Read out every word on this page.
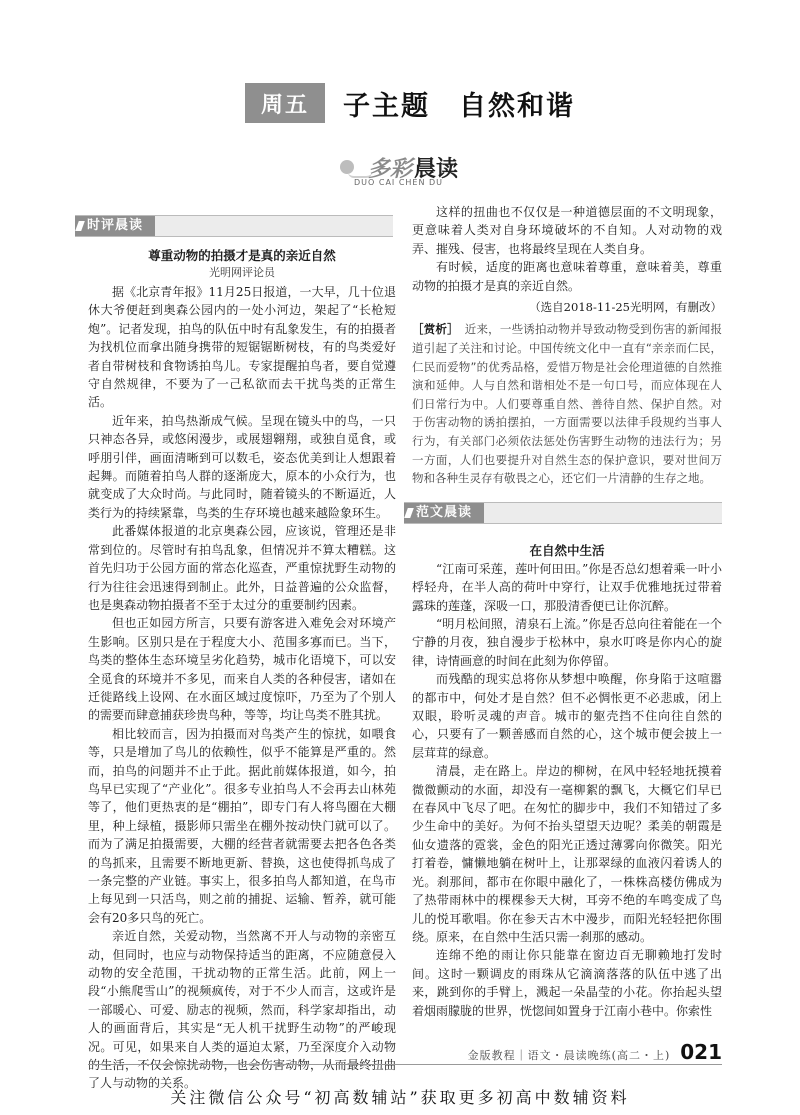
周五	子主题　自然和谐
多彩 晨读
DUO CAI CHEN DU
时评晨读
尊重动物的拍摄才是真的亲近自然
光明网评论员

据《北京青年报》11月25日报道，一大早，几十位退休大爷便赶到奥森公园内的一处小河边，架起了“长枪短炮”。记者发现，拍鸟的队伍中时有乱象发生，有的拍摄者为找机位而拿出随身携带的短锯锯断树枝，有的鸟类爱好者自带树枝和食物诱拍鸟儿。专家提醒拍鸟者，要自觉遵守自然规律，不要为了一己私欲而去干扰鸟类的正常生活。

近年来，拍鸟热渐成气候。呈现在镜头中的鸟，一只只神态各异，或悠闲漫步，或展翅翱翔，或独自觅食，或呼朋引伴，画面清晰到可以数毛，姿态优美到让人想跟着起舞。而随着拍鸟人群的逐渐庞大，原本的小众行为，也就变成了大众时尚。与此同时，随着镜头的不断逼近，人类行为的持续紧靠，鸟类的生存环境也越来越险象环生。

此番媒体报道的北京奥森公园，应该说，管理还是非常到位的。尽管时有拍鸟乱象，但情况并不算太糟糕。这首先归功于公园方面的常态化巡查，严重惊扰野生动物的行为往往会迅速得到制止。此外，日益普遍的公众监督，也是奥森动物拍摄者不至于太过分的重要制约因素。

但也正如园方所言，只要有游客进入难免会对环境产生影响。区别只是在于程度大小、范围多寡而已。当下，鸟类的整体生态环境呈劣化趋势，城市化语境下，可以安全觅食的环境并不多见，而来自人类的各种侵害，诸如在迁徙路线上设网、在水面区域过度惊吓，乃至为了个别人的需要而肆意捕获珍贵鸟种，等等，均让鸟类不胜其扰。

相比较而言，因为拍摄而对鸟类产生的惊扰，如喂食等，只是增加了鸟儿的依赖性，似乎不能算是严重的。然而，拍鸟的问题并不止于此。据此前媒体报道，如今，拍鸟早已实现了“产业化”。很多专业拍鸟人不会再去山林苑等了，他们更热衷的是“棚拍”，即专门有人将鸟圈在大棚里，种上绿植，摄影师只需坐在棚外按动快门就可以了。而为了满足拍摄需要，大棚的经营者就需要去把各色各类的鸟抓来，且需要不断地更新、替换，这也使得抓鸟成了一条完整的产业链。事实上，很多拍鸟人都知道，在鸟市上每见到一只活鸟，则之前的捕捉、运输、暂养，就可能会有20多只鸟的死亡。

亲近自然，关爱动物，当然离不开人与动物的亲密互动，但同时，也应与动物保持适当的距离，不应随意侵入动物的安全范围，干扰动物的正常生活。此前，网上一段“小熊爬雪山”的视频疯传，对于不少人而言，这或许是一部暖心、可爱、励志的视频，然而，科学家却指出，动人的画面背后，其实是“无人机干扰野生动物”的严峻现况。可见，如果来自人类的逼迫太紧，乃至深度介入动物的生活，不仅会惊扰动物，也会伤害动物，从而最终扭曲了人与动物的关系。

这样的扭曲也不仅仅是一种道德层面的不文明现象，更意味着人类对自身环境破坏的不自知。人对动物的戏弄、摧残、侵害，也将最终呈现在人类自身。

有时候，适度的距离也意味着尊重，意味着美，尊重动物的拍摄才是真的亲近自然。

（选自2018-11-25光明网，有删改）

［赏析］　 近来，一些诱拍动物并导致动物受到伤害的新闻报道引起了关注和讨论。中国传统文化中一直有“亲亲而仁民，仁民而爱物”的优秀品格，爱惜万物是社会伦理道德的自然推演和延伸。人与自然和谐相处不是一句口号，而应体现在人们日常行为中。人们要尊重自然、善待自然、保护自然。对于伤害动物的诱拍摆拍，一方面需要以法律手段规约当事人行为，有关部门必须依法惩处伤害野生动物的违法行为；另一方面，人们也要提升对自然生态的保护意识，要对世间万物和各种生灵存有敬畏之心，还它们一片清静的生存之地。

范文晨读
在自然中生活

“江南可采莲，莲叶何田田。”你是否总幻想着乘一叶小桴轻舟，在半人高的荷叶中穿行，让双手优雅地抚过带着露珠的莲蓬，深吸一口，那股清香便已让你沉醉。

“明月松间照，清泉石上流。”你是否总向往着能在一个宁静的月夜，独自漫步于松林中，泉水叮咚是你内心的旋律，诗情画意的时间在此刻为你停留。

而残酷的现实总将你从梦想中唤醒，你身陷于这喧嚣的都市中，何处才是自然？但不必惆怅更不必悲戚，闭上双眼，聆听灵魂的声音。城市的躯壳挡不住向往自然的心，只要有了一颗善感而自然的心，这个城市便会披上一层茸茸的绿意。

清晨，走在路上。岸边的柳树，在风中轻轻地抚摸着微微颤动的水面，却没有一毫柳絮的飘飞，大概它们早已在春风中飞尽了吧。在匆忙的脚步中，我们不知错过了多少生命中的美好。为何不抬头望望天边呢？柔美的朝霞是仙女遗落的霓裳，金色的阳光正透过薄雾向你微笑。阳光打着卷，慵懒地躺在树叶上，让那翠绿的血液闪着诱人的光。刹那间，都市在你眼中融化了，一株株高楼仿佛成为了热带雨林中的棵棵参天大树，耳旁不绝的车鸣变成了鸟儿的悦耳歌唱。你在参天古木中漫步，而阳光轻轻把你围绕。原来，在自然中生活只需一刹那的感动。

连绵不绝的雨让你只能靠在窗边百无聊赖地打发时间。这时一颗调皮的雨珠从它滴滴落落的队伍中逃了出来，跳到你的手臂上，溅起一朵晶莹的小花。你抬起头望着烟雨朦胧的世界，恍惚间如置身于江南小巷中。你索性

金版教程｜语文・晨读晚练(高二・上) 021
关注微信公众号“初高数辅站”获取更多初高中数辅资料
